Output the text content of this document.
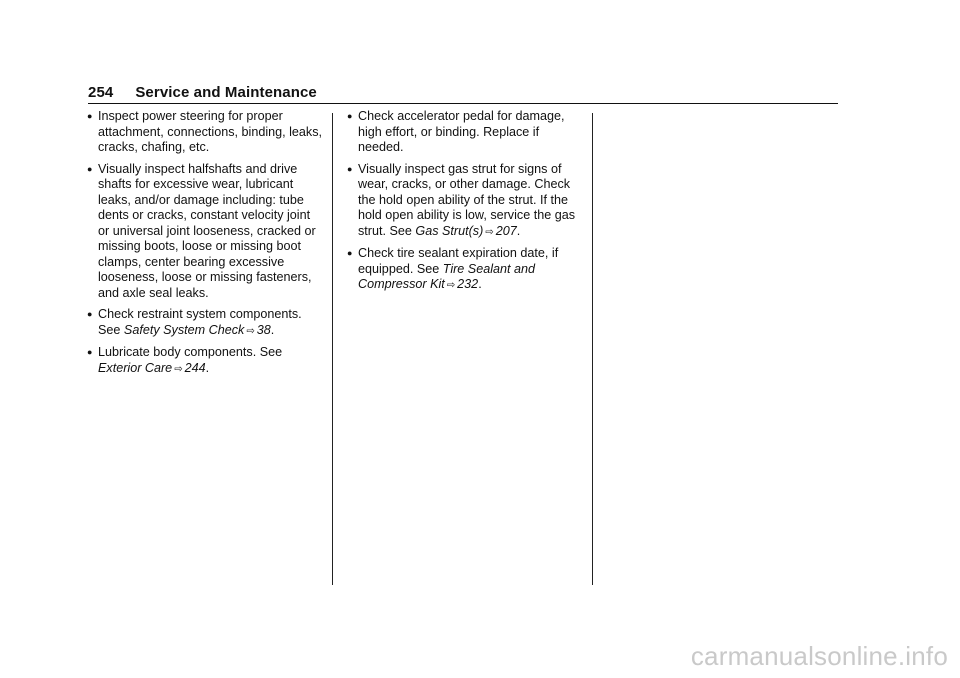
254 Service and Maintenance
● Inspect power steering for proper attachment, connections, binding, leaks, cracks, chafing, etc.
● Visually inspect halfshafts and drive shafts for excessive wear, lubricant leaks, and/or damage including: tube dents or cracks, constant velocity joint or universal joint looseness, cracked or missing boots, loose or missing boot clamps, center bearing excessive looseness, loose or missing fasteners, and axle seal leaks.
● Check restraint system components. See Safety System Check ⇨ 38.
● Lubricate body components. See Exterior Care ⇨ 244.
● Check accelerator pedal for damage, high effort, or binding. Replace if needed.
● Visually inspect gas strut for signs of wear, cracks, or other damage. Check the hold open ability of the strut. If the hold open ability is low, service the gas strut. See Gas Strut(s) ⇨ 207.
● Check tire sealant expiration date, if equipped. See Tire Sealant and Compressor Kit ⇨ 232.
carmanualsonline.info
